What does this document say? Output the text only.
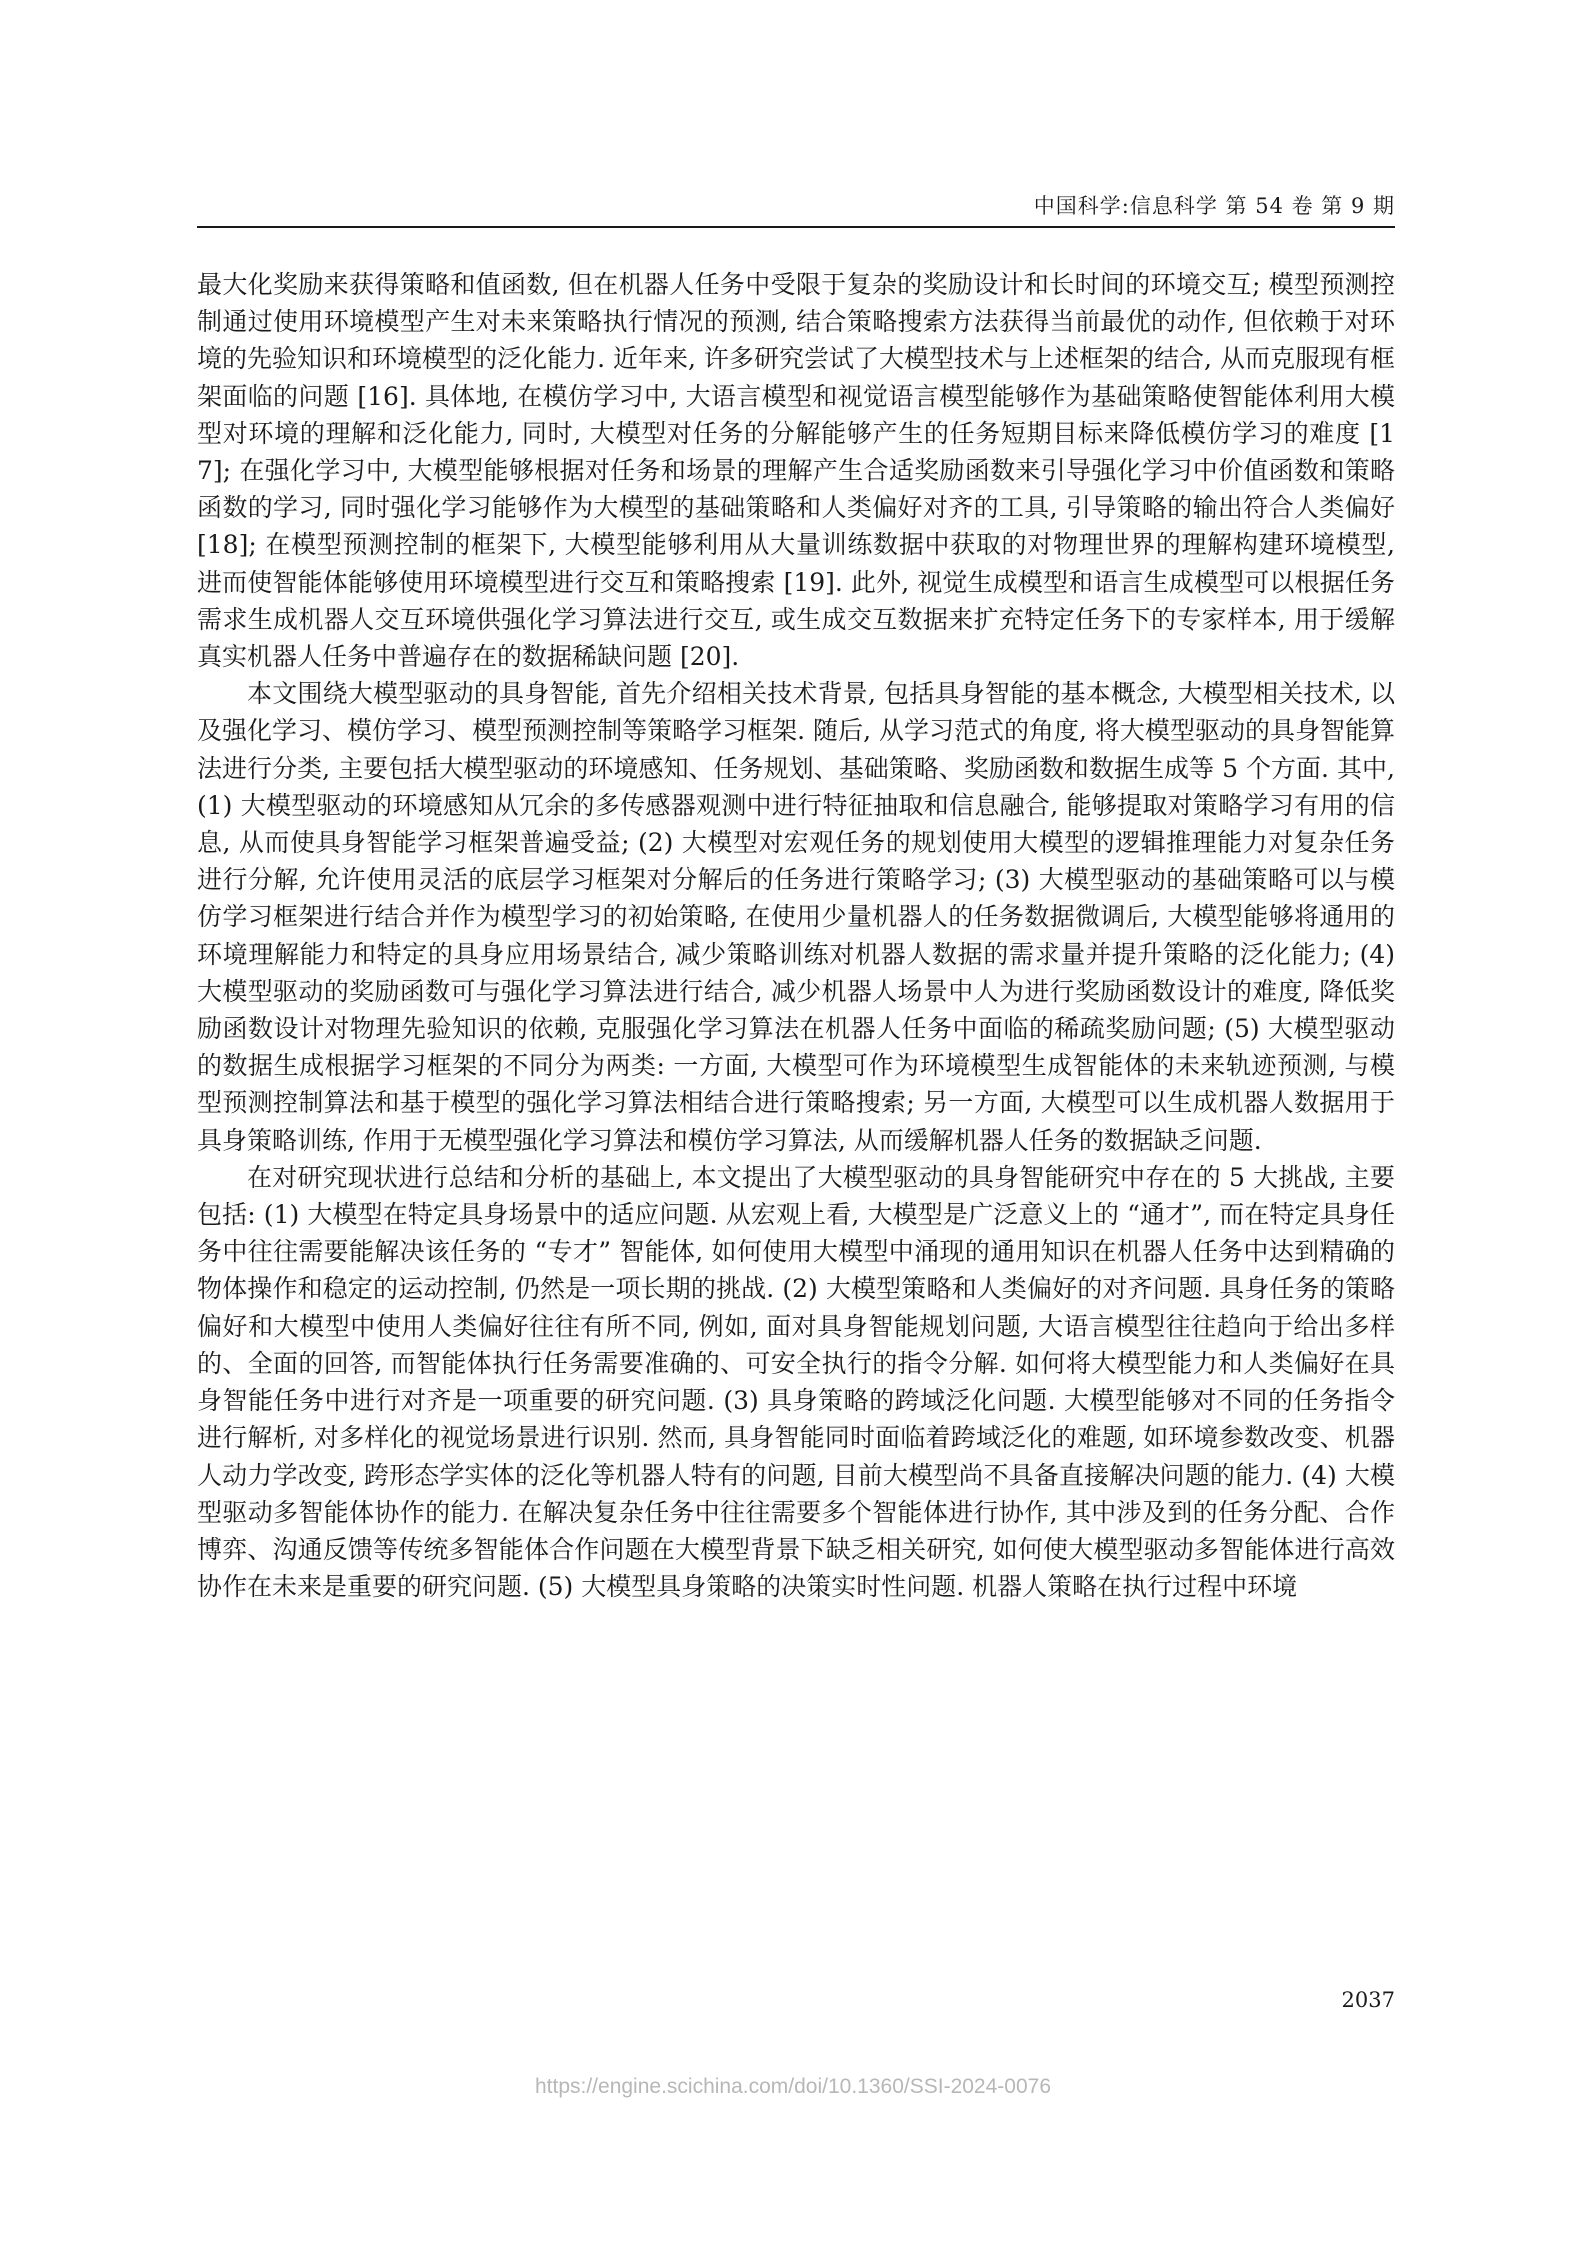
中国科学:信息科学 第 54 卷 第 9 期

最大化奖励来获得策略和值函数, 但在机器人任务中受限于复杂的奖励设计和长时间的环境交互; 模型预测控制通过使用环境模型产生对未来策略执行情况的预测, 结合策略搜索方法获得当前最优的动作, 但依赖于对环境的先验知识和环境模型的泛化能力. 近年来, 许多研究尝试了大模型技术与上述框架的结合, 从而克服现有框架面临的问题 [16]. 具体地, 在模仿学习中, 大语言模型和视觉语言模型能够作为基础策略使智能体利用大模型对环境的理解和泛化能力, 同时, 大模型对任务的分解能够产生的任务短期目标来降低模仿学习的难度 [17]; 在强化学习中, 大模型能够根据对任务和场景的理解产生合适奖励函数来引导强化学习中价值函数和策略函数的学习, 同时强化学习能够作为大模型的基础策略和人类偏好对齐的工具, 引导策略的输出符合人类偏好 [18]; 在模型预测控制的框架下, 大模型能够利用从大量训练数据中获取的对物理世界的理解构建环境模型, 进而使智能体能够使用环境模型进行交互和策略搜索 [19]. 此外, 视觉生成模型和语言生成模型可以根据任务需求生成机器人交互环境供强化学习算法进行交互, 或生成交互数据来扩充特定任务下的专家样本, 用于缓解真实机器人任务中普遍存在的数据稀缺问题 [20].

本文围绕大模型驱动的具身智能, 首先介绍相关技术背景, 包括具身智能的基本概念, 大模型相关技术, 以及强化学习、模仿学习、模型预测控制等策略学习框架. 随后, 从学习范式的角度, 将大模型驱动的具身智能算法进行分类, 主要包括大模型驱动的环境感知、任务规划、基础策略、奖励函数和数据生成等 5 个方面. 其中, (1) 大模型驱动的环境感知从冗余的多传感器观测中进行特征抽取和信息融合, 能够提取对策略学习有用的信息, 从而使具身智能学习框架普遍受益; (2) 大模型对宏观任务的规划使用大模型的逻辑推理能力对复杂任务进行分解, 允许使用灵活的底层学习框架对分解后的任务进行策略学习; (3) 大模型驱动的基础策略可以与模仿学习框架进行结合并作为模型学习的初始策略, 在使用少量机器人的任务数据微调后, 大模型能够将通用的环境理解能力和特定的具身应用场景结合, 减少策略训练对机器人数据的需求量并提升策略的泛化能力; (4) 大模型驱动的奖励函数可与强化学习算法进行结合, 减少机器人场景中人为进行奖励函数设计的难度, 降低奖励函数设计对物理先验知识的依赖, 克服强化学习算法在机器人任务中面临的稀疏奖励问题; (5) 大模型驱动的数据生成根据学习框架的不同分为两类: 一方面, 大模型可作为环境模型生成智能体的未来轨迹预测, 与模型预测控制算法和基于模型的强化学习算法相结合进行策略搜索; 另一方面, 大模型可以生成机器人数据用于具身策略训练, 作用于无模型强化学习算法和模仿学习算法, 从而缓解机器人任务的数据缺乏问题.

在对研究现状进行总结和分析的基础上, 本文提出了大模型驱动的具身智能研究中存在的 5 大挑战, 主要包括: (1) 大模型在特定具身场景中的适应问题. 从宏观上看, 大模型是广泛意义上的 “通才”, 而在特定具身任务中往往需要能解决该任务的 “专才” 智能体, 如何使用大模型中涌现的通用知识在机器人任务中达到精确的物体操作和稳定的运动控制, 仍然是一项长期的挑战. (2) 大模型策略和人类偏好的对齐问题. 具身任务的策略偏好和大模型中使用人类偏好往往有所不同, 例如, 面对具身智能规划问题, 大语言模型往往趋向于给出多样的、全面的回答, 而智能体执行任务需要准确的、可安全执行的指令分解. 如何将大模型能力和人类偏好在具身智能任务中进行对齐是一项重要的研究问题. (3) 具身策略的跨域泛化问题. 大模型能够对不同的任务指令进行解析, 对多样化的视觉场景进行识别. 然而, 具身智能同时面临着跨域泛化的难题, 如环境参数改变、机器人动力学改变, 跨形态学实体的泛化等机器人特有的问题, 目前大模型尚不具备直接解决问题的能力. (4) 大模型驱动多智能体协作的能力. 在解决复杂任务中往往需要多个智能体进行协作, 其中涉及到的任务分配、合作博弈、沟通反馈等传统多智能体合作问题在大模型背景下缺乏相关研究, 如何使大模型驱动多智能体进行高效协作在未来是重要的研究问题. (5) 大模型具身策略的决策实时性问题. 机器人策略在执行过程中环境

2037
https://engine.scichina.com/doi/10.1360/SSI-2024-0076
